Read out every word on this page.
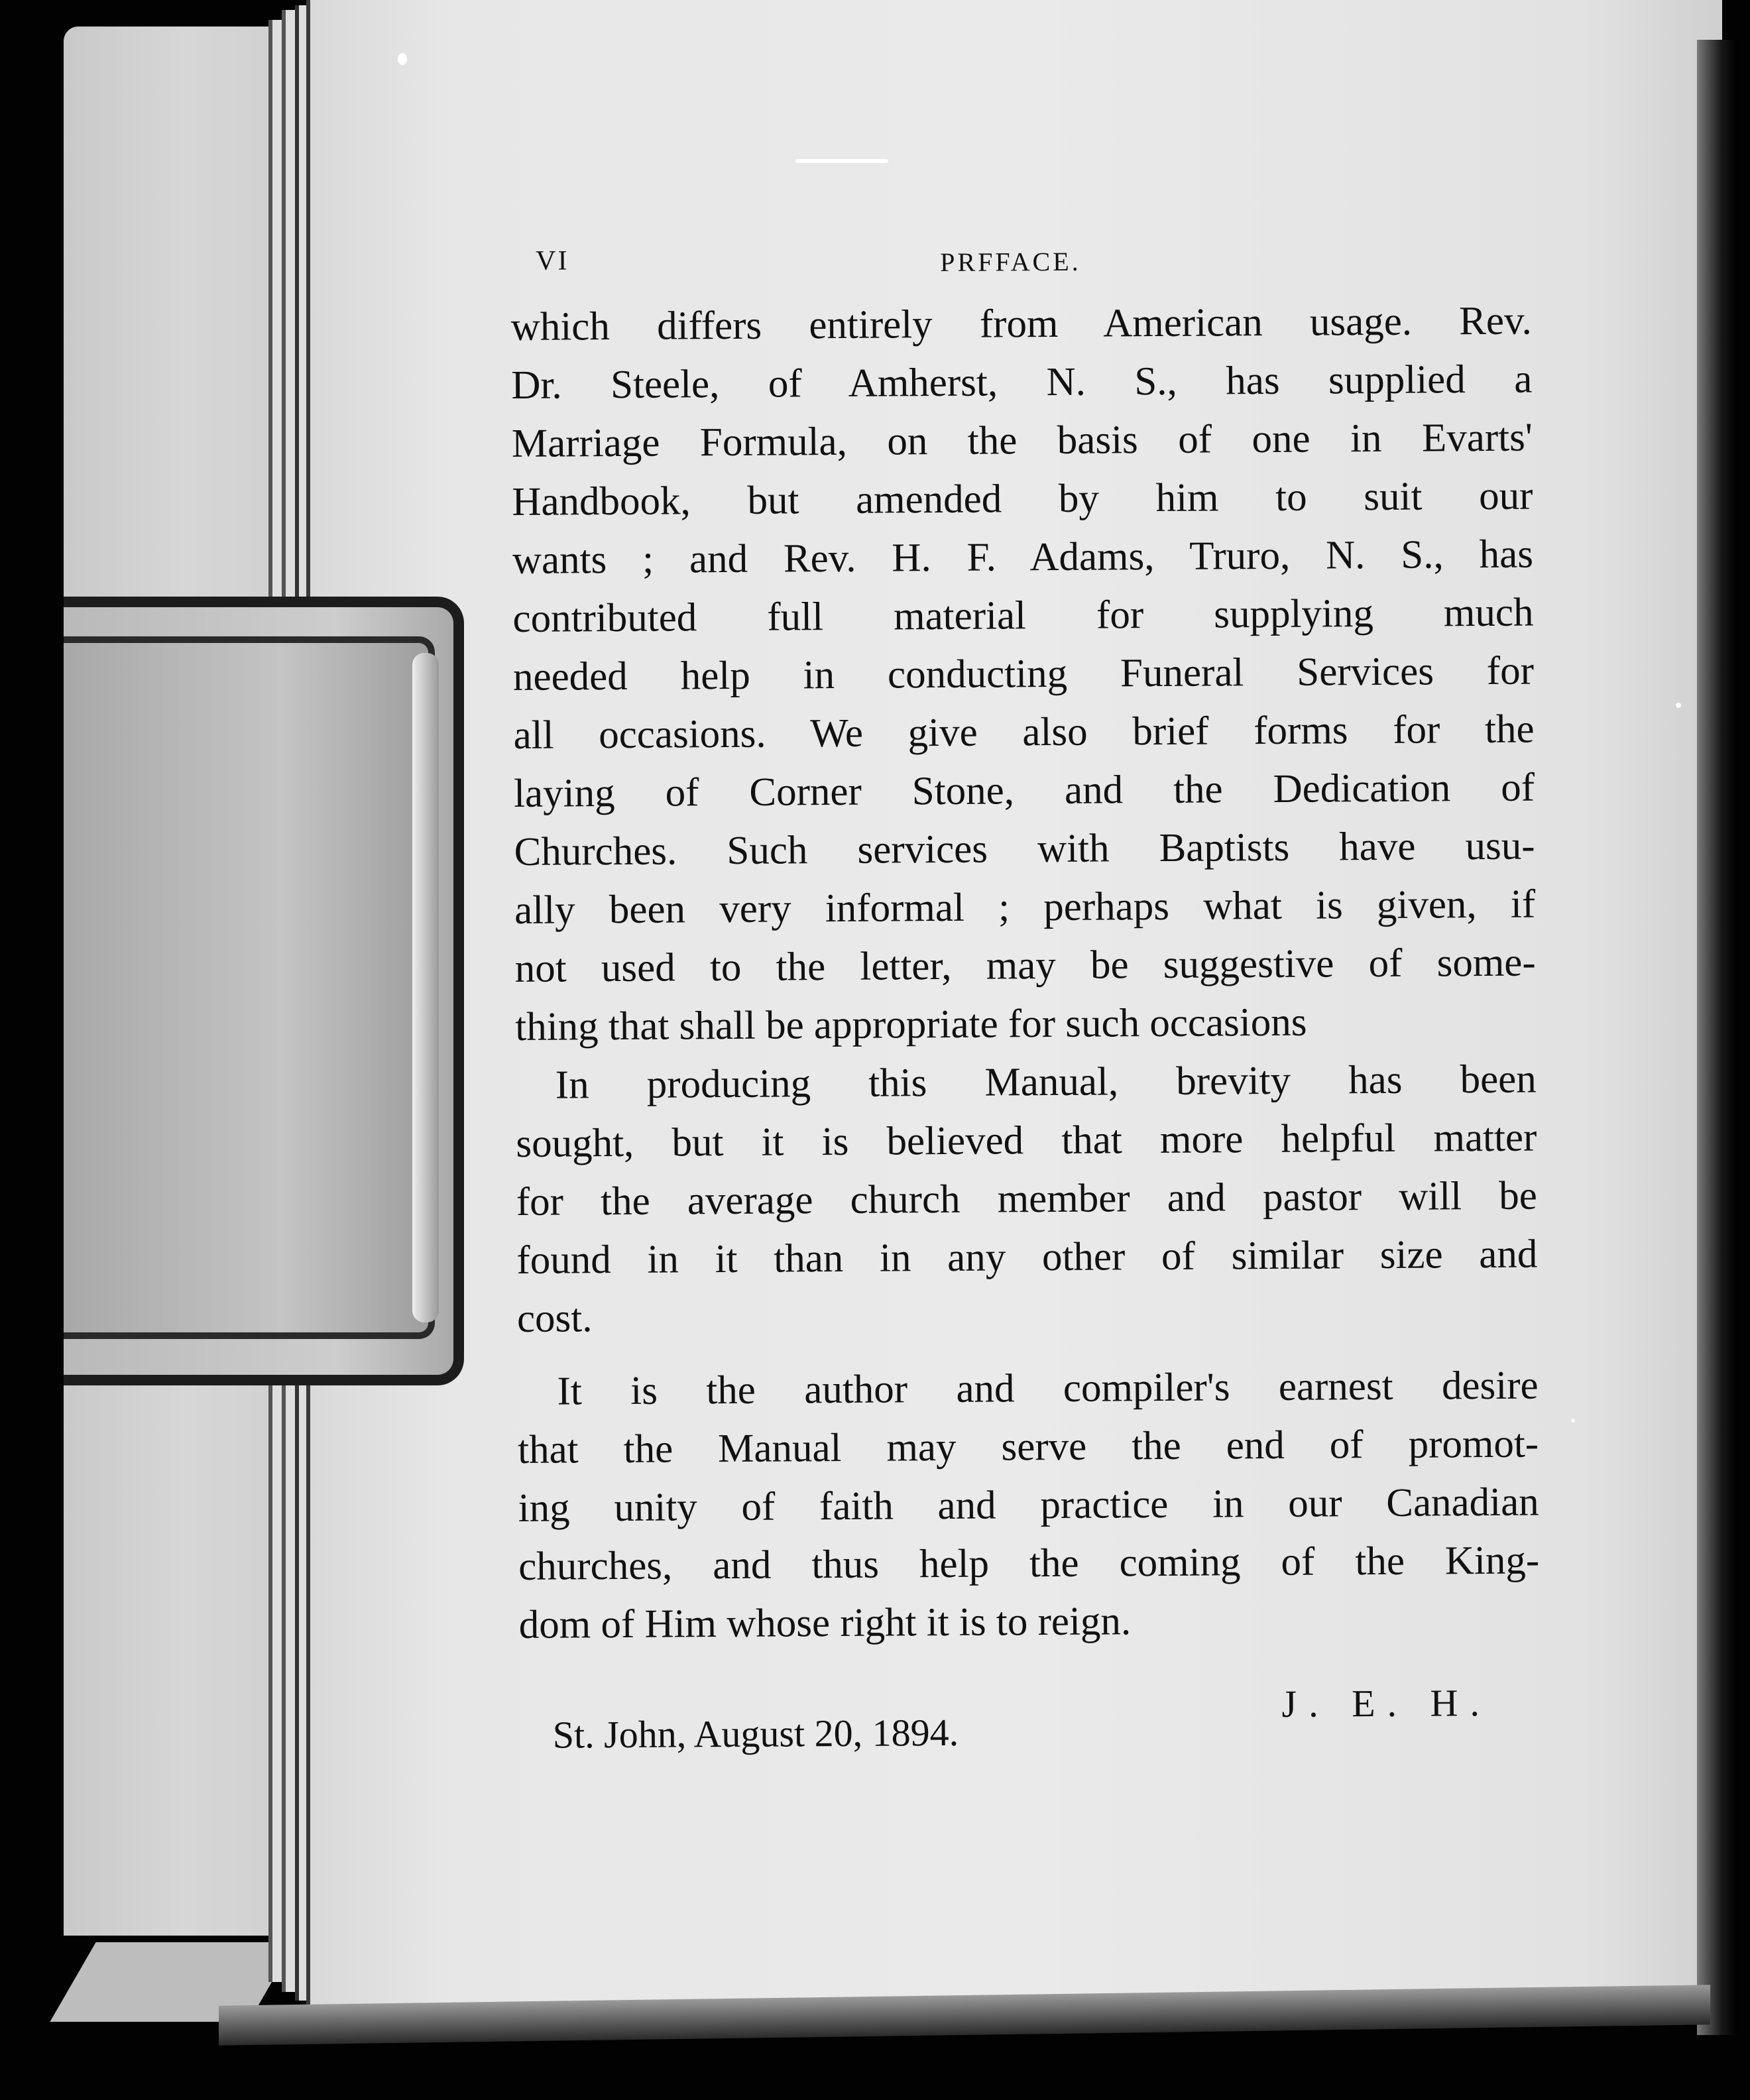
VI	PRFFACE.
which differs entirely from American usage. Rev.
Dr. Steele, of Amherst, N. S., has supplied a
Marriage Formula, on the basis of one in Evarts'
Handbook, but amended by him to suit our
wants ; and Rev. H. F. Adams, Truro, N. S., has
contributed full material for supplying much
needed help in conducting Funeral Services for
all occasions. We give also brief forms for the
laying of Corner Stone, and the Dedication of
Churches. Such services with Baptists have usu-
ally been very informal ; perhaps what is given, if
not used to the letter, may be suggestive of some-
thing that shall be appropriate for such occasions
In producing this Manual, brevity has been
sought, but it is believed that more helpful matter
for the average church member and pastor will be
found in it than in any other of similar size and
cost.
It is the author and compiler's earnest desire
that the Manual may serve the end of promot-
ing unity of faith and practice in our Canadian
churches, and thus help the coming of the King-
dom of Him whose right it is to reign.
St. John, August 20, 1894.
J. E. H.
